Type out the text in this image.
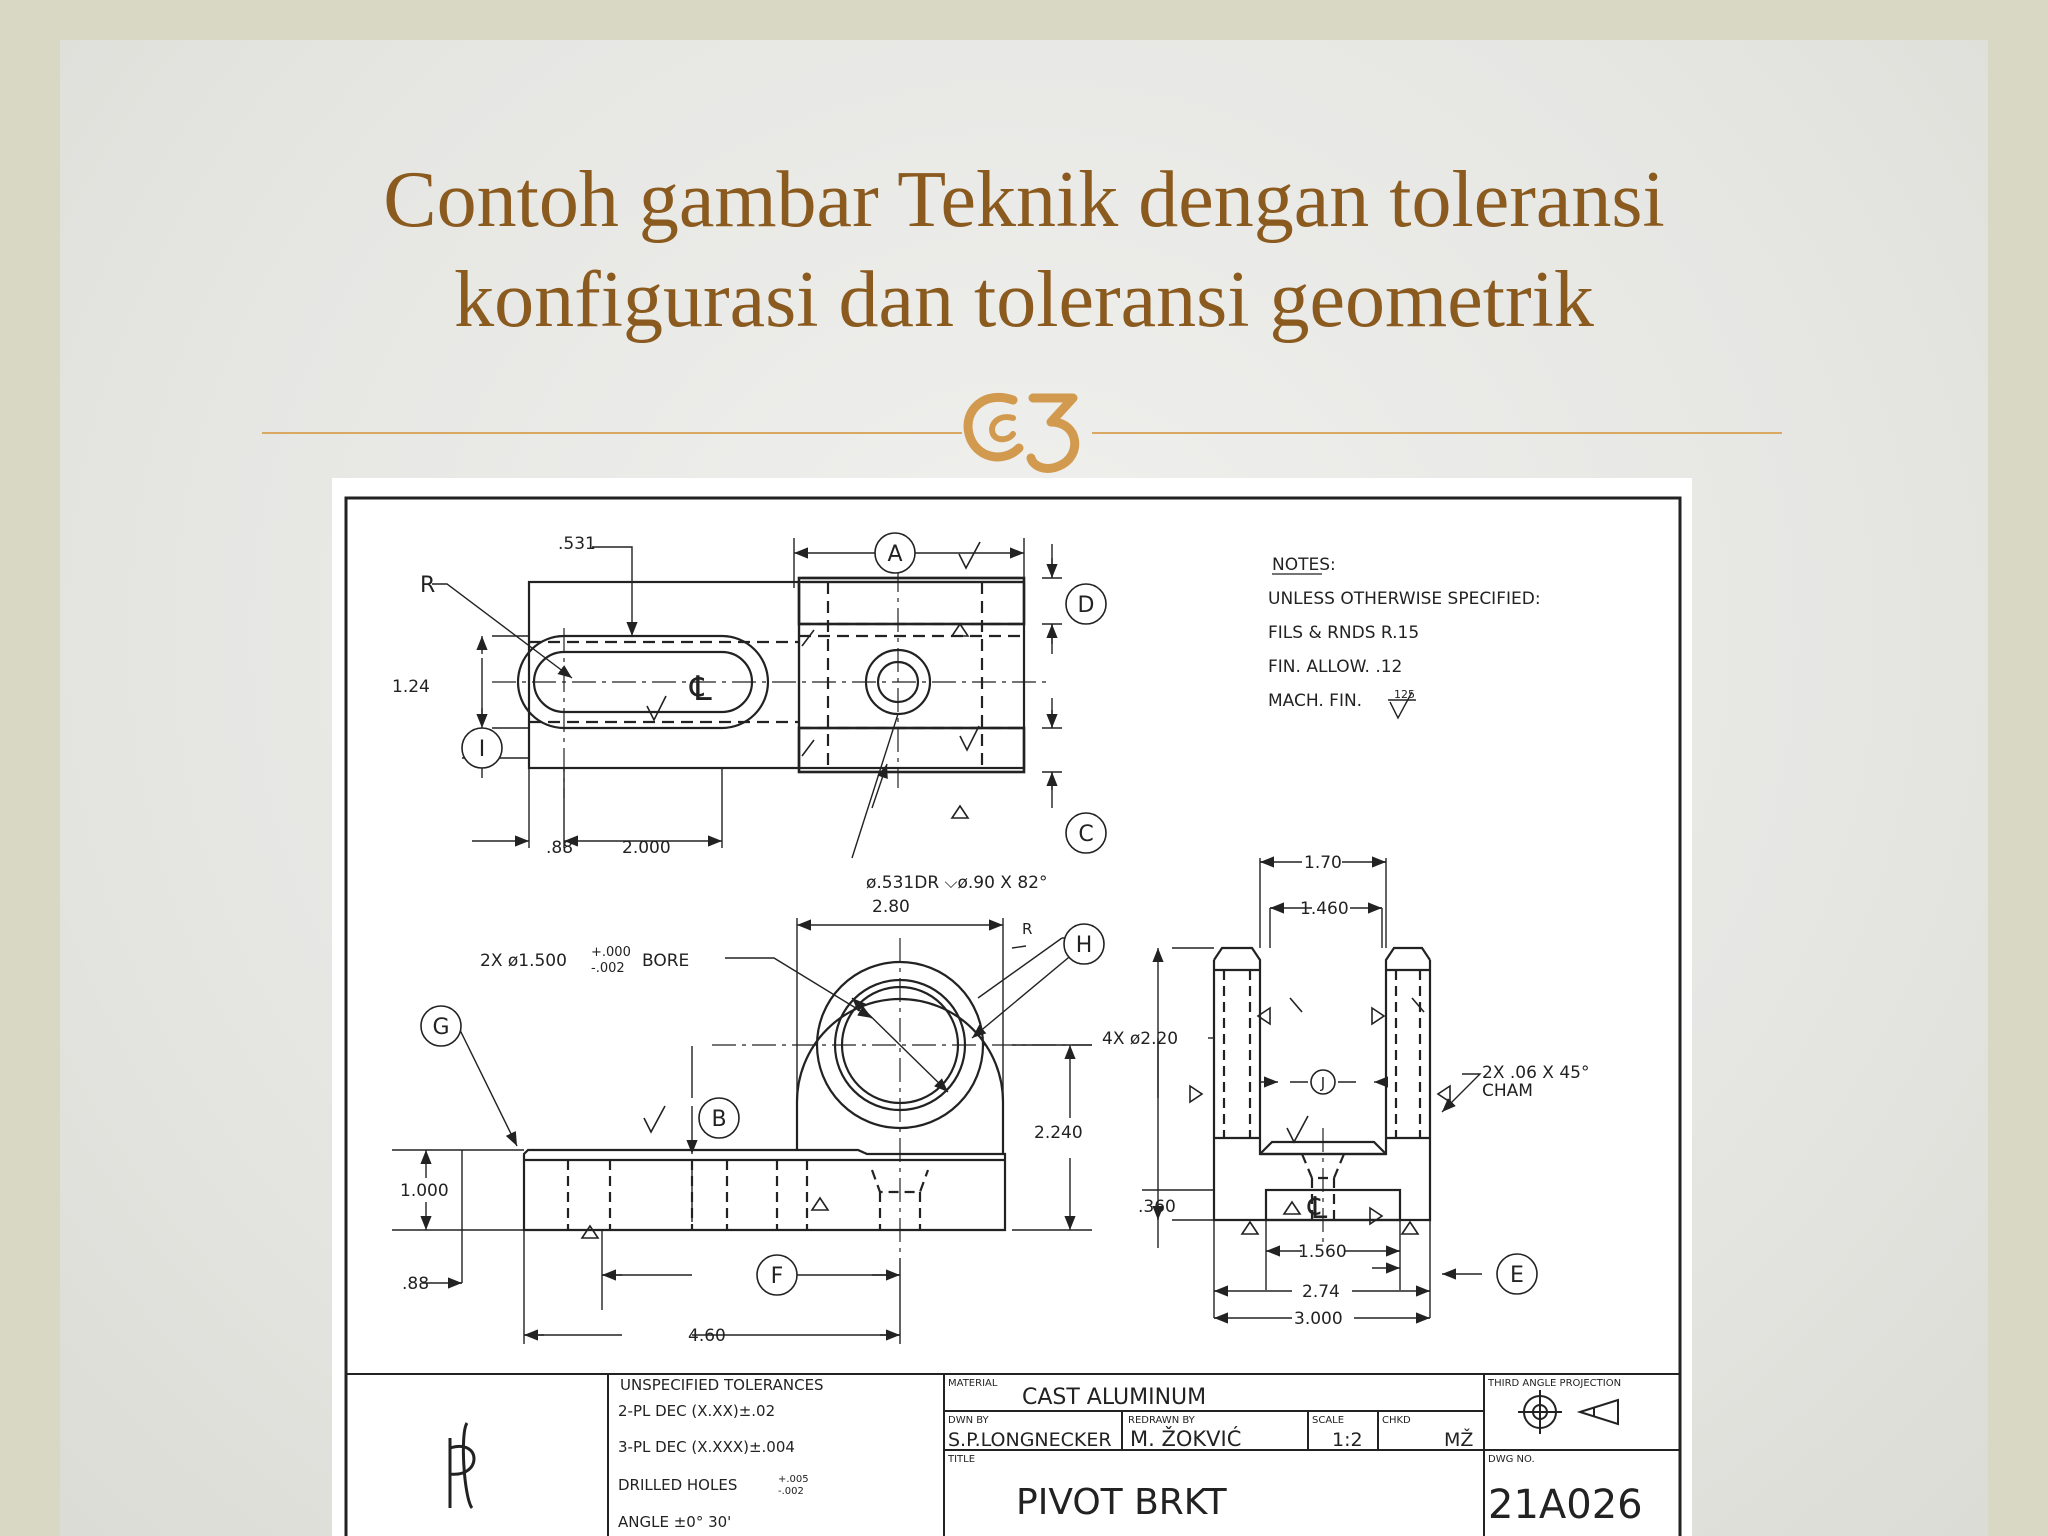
Contoh gambar Teknik dengan toleransi
konfigurasi dan toleransi geometrik
.531
R
1.24
.88	2.000
℄
ø.531DR ⌵ø.90 X 82°
NOTES:
UNLESS OTHERWISE SPECIFIED:
FILS & RNDS R.15
FIN. ALLOW. .12
MACH. FIN.	125
2.80
R
2X ø1.500 +.000
-.002 BORE
2.240
1.000
.88
4.60
1.70
1.460
4X ø2.20
2X .06 X 45°
CHAM
.360
1.560
2.74
3.000
℄
A
D
C
I
H
G
B
F
J
E
UNSPECIFIED TOLERANCES
2-PL DEC (X.XX)±.02
3-PL DEC (X.XXX)±.004
DRILLED HOLES	+.005
-.002
ANGLE ±0° 30'
MATERIAL
CAST ALUMINUM
DWN BY
S.P.LONGNECKER
REDRAWN BY
M. ŽOKVIĆ
SCALE
1:2
CHKD
MŽ
TITLE
PIVOT BRKT
THIRD ANGLE PROJECTION
DWG NO.
21A026
